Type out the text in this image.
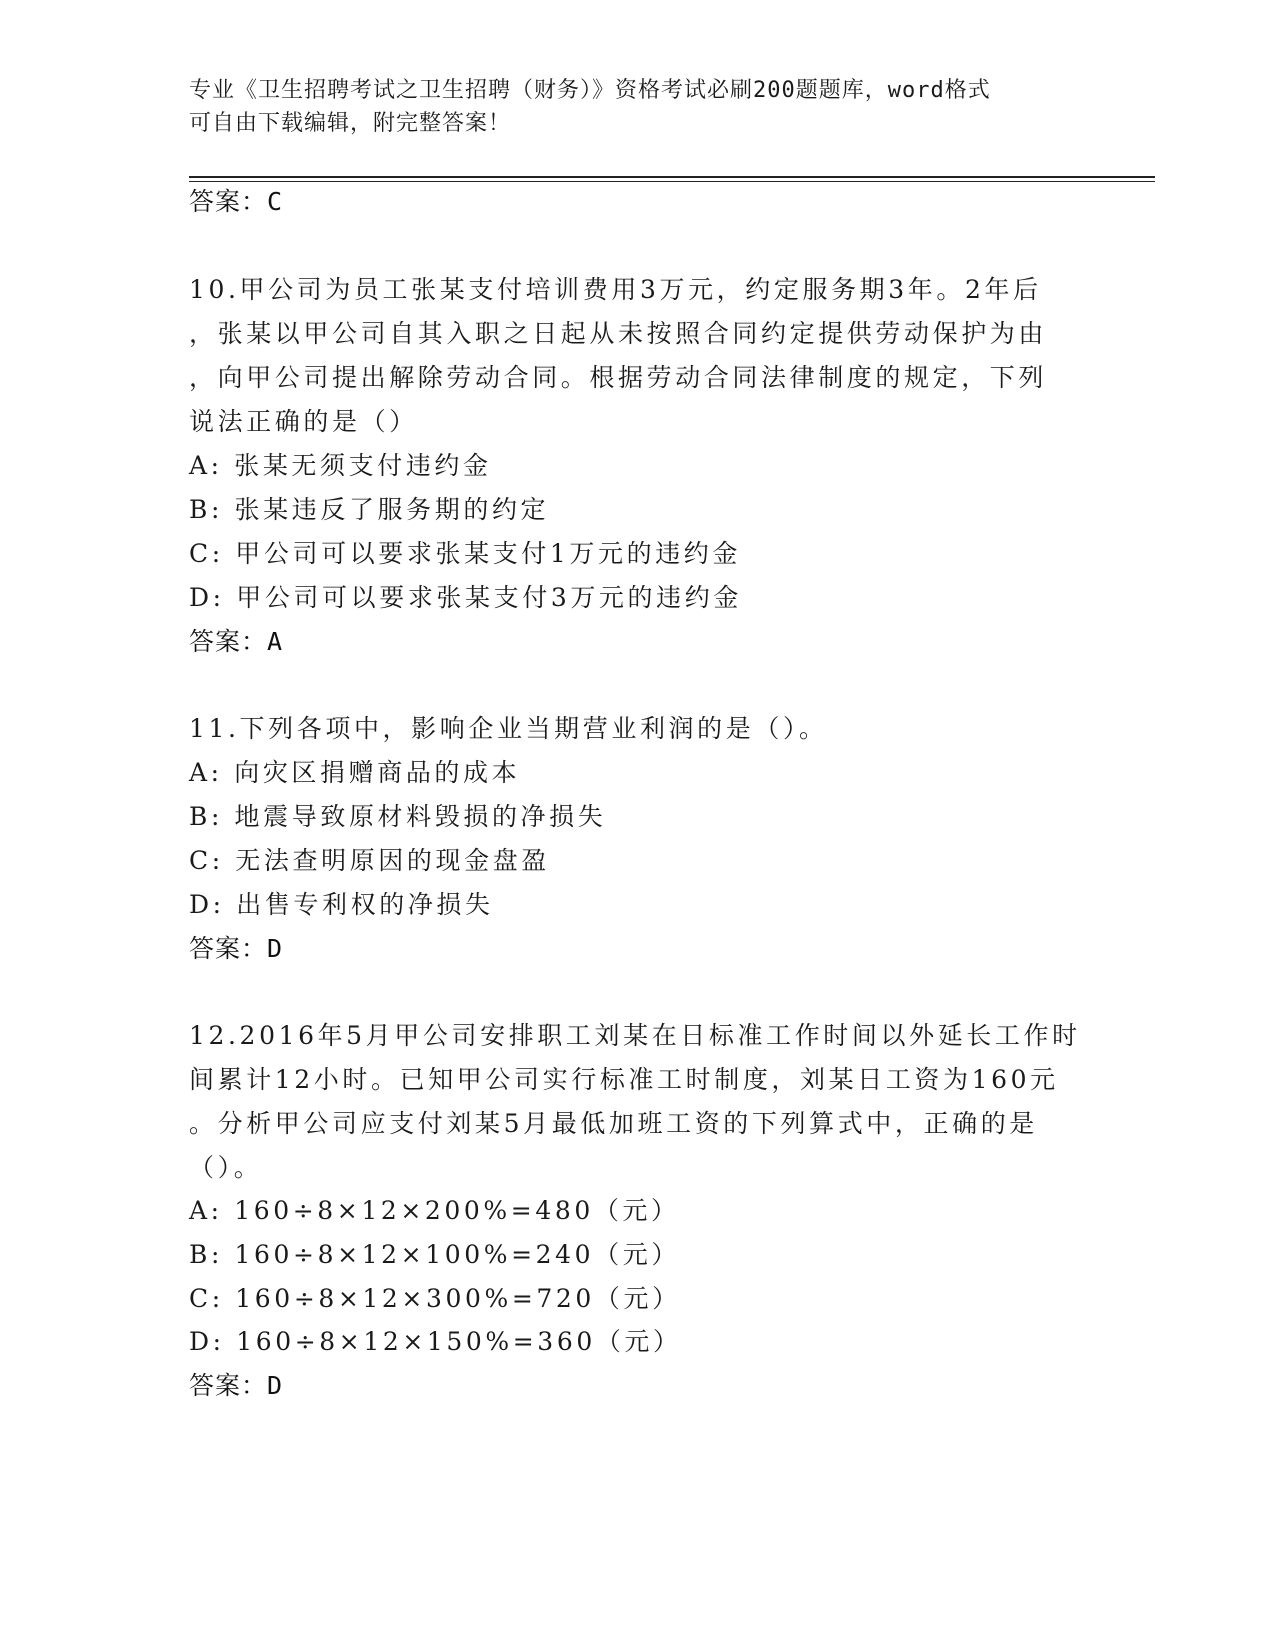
专业《卫生招聘考试之卫生招聘（财务）》资格考试必刷200题题库，word格式
可自由下载编辑，附完整答案！
答案：C
10.甲公司为员工张某支付培训费用3万元，约定服务期3年。2年后
，张某以甲公司自其入职之日起从未按照合同约定提供劳动保护为由
，向甲公司提出解除劳动合同。根据劳动合同法律制度的规定，下列
说法正确的是（）
A: 张某无须支付违约金
B: 张某违反了服务期的约定
C: 甲公司可以要求张某支付1万元的违约金
D: 甲公司可以要求张某支付3万元的违约金
答案：A
11.下列各项中，影响企业当期营业利润的是（）。
A: 向灾区捐赠商品的成本
B: 地震导致原材料毁损的净损失
C: 无法查明原因的现金盘盈
D: 出售专利权的净损失
答案：D
12.2016年5月甲公司安排职工刘某在日标准工作时间以外延长工作时
间累计12小时。已知甲公司实行标准工时制度，刘某日工资为160元
。分析甲公司应支付刘某5月最低加班工资的下列算式中，正确的是
（）。
A: 160÷8×12×200%=480（元）
B: 160÷8×12×100%=240（元）
C: 160÷8×12×300%=720（元）
D: 160÷8×12×150%=360（元）
答案：D
